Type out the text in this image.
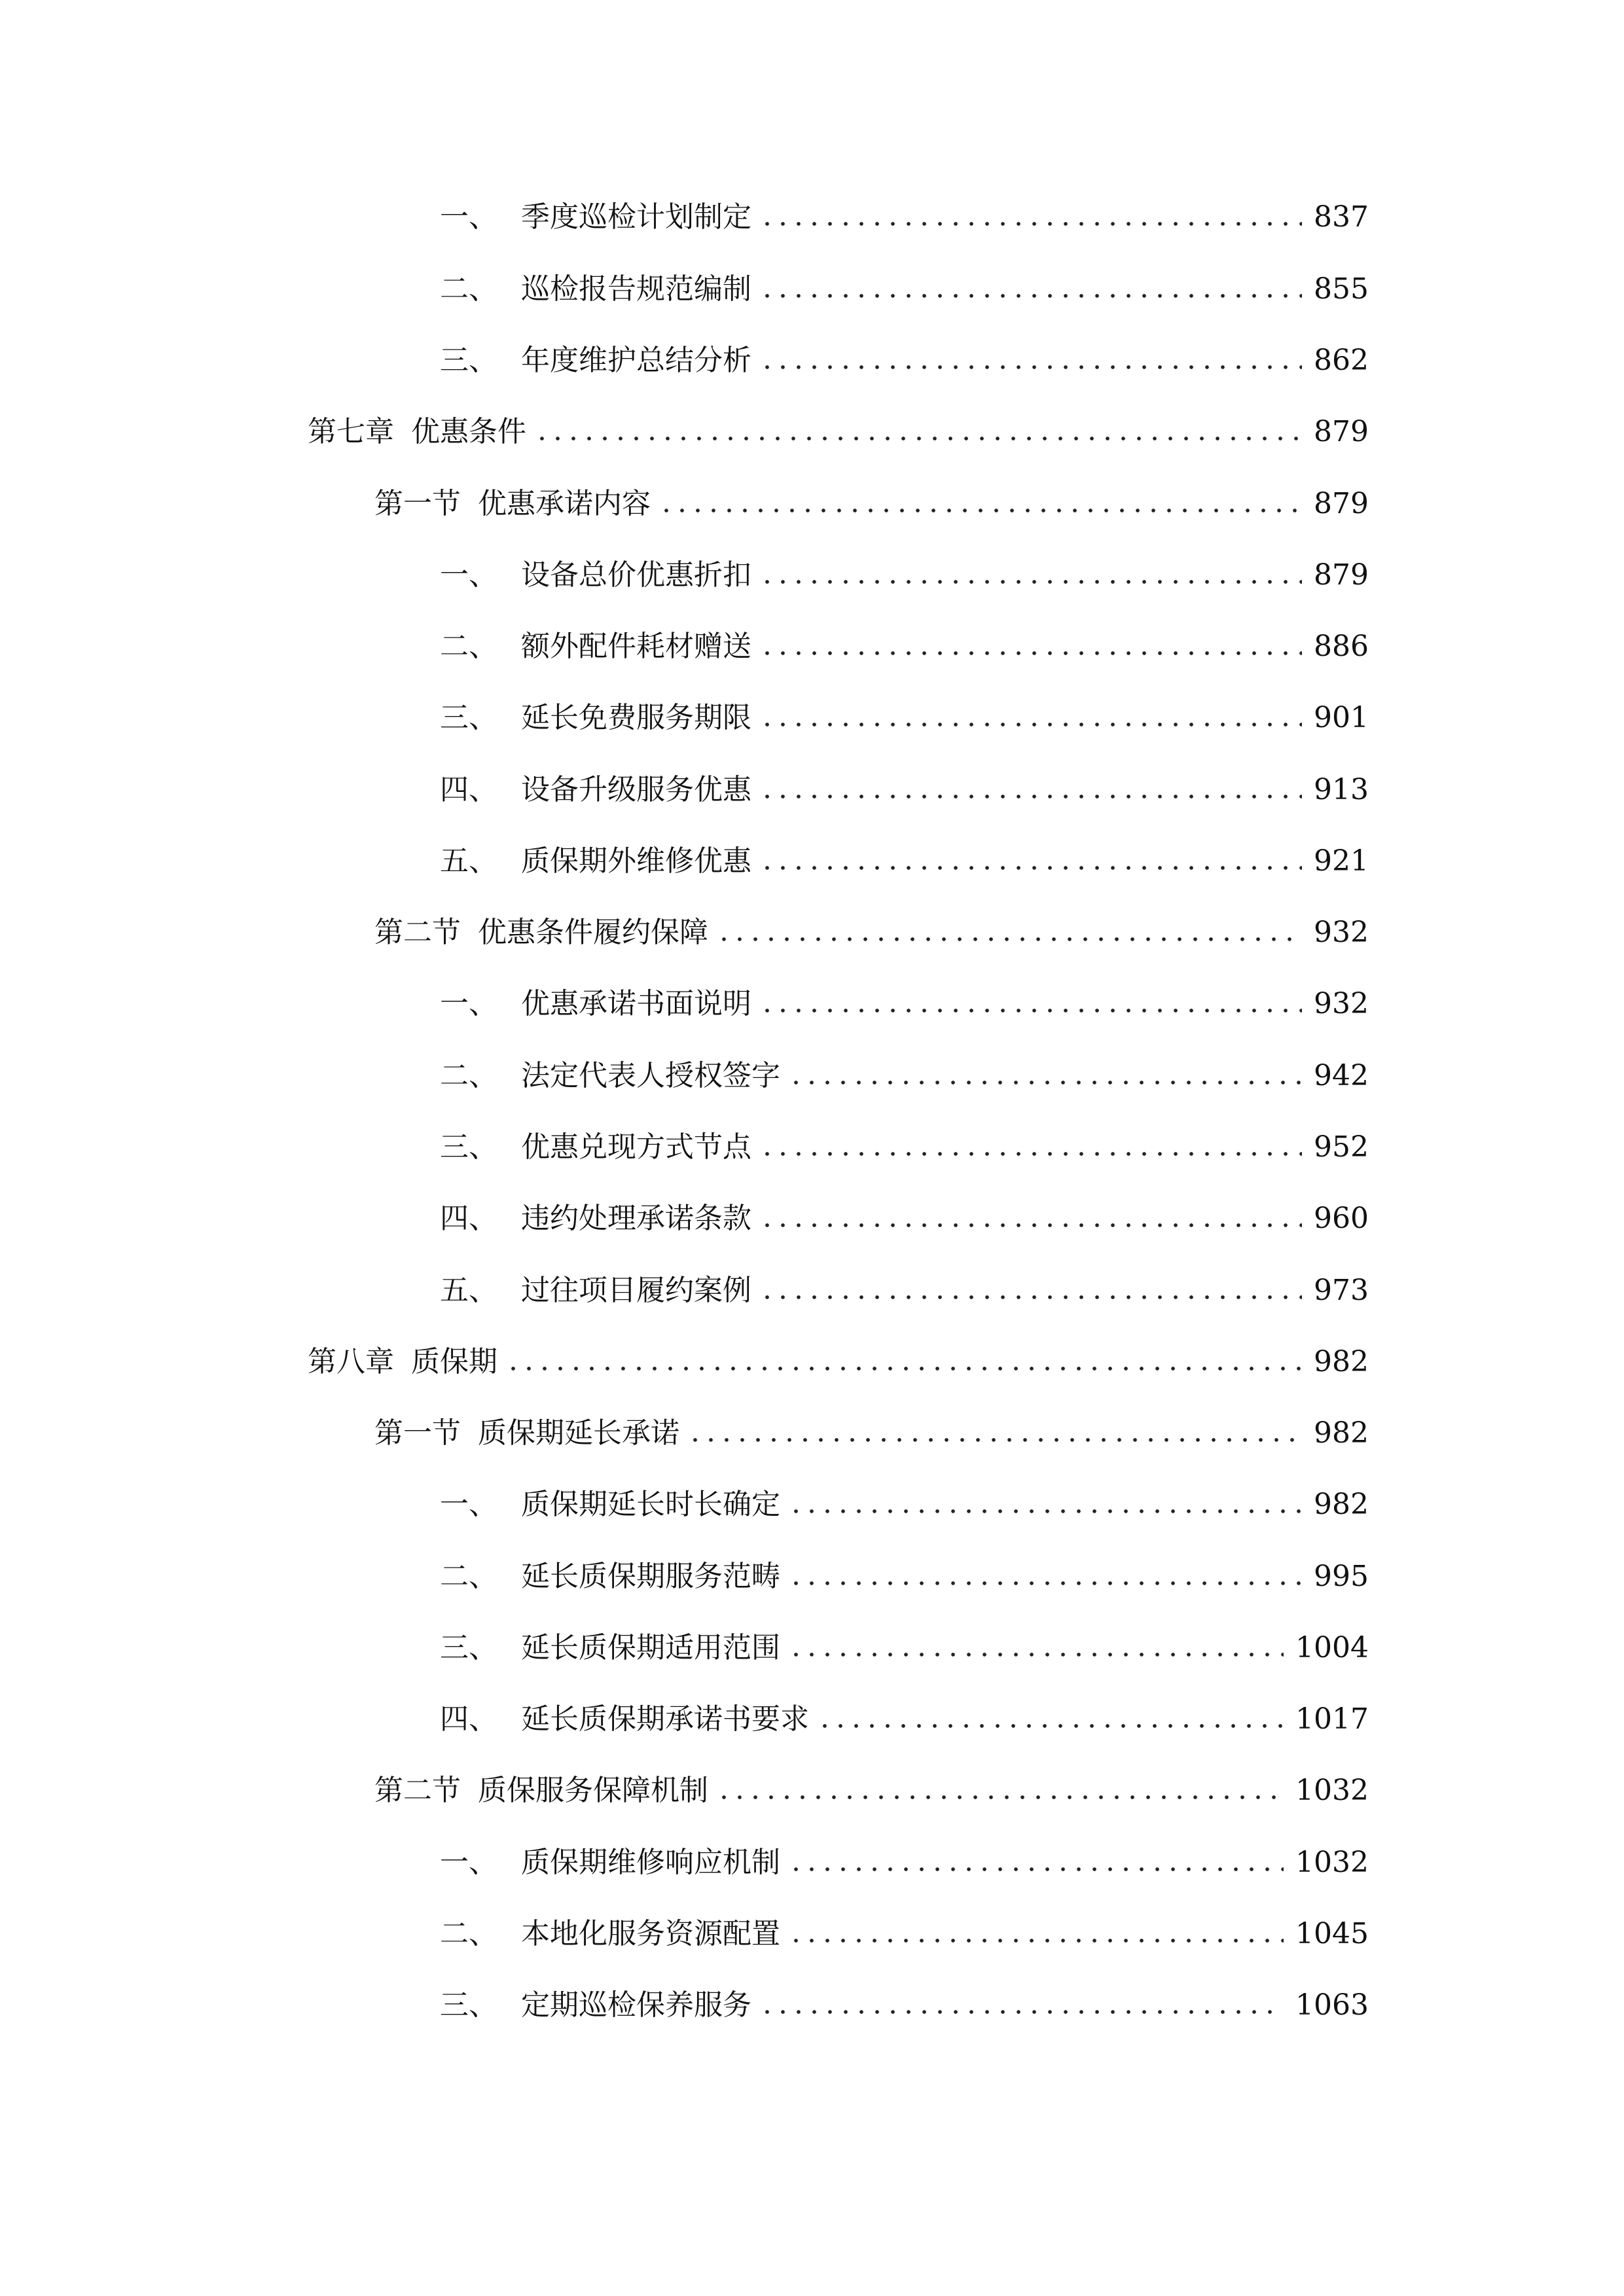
一、 季度巡检计划制定	837
二、 巡检报告规范编制	855
三、 年度维护总结分析	862
第七章 优惠条件	879
第一节 优惠承诺内容	879
一、 设备总价优惠折扣	879
二、 额外配件耗材赠送	886
三、 延长免费服务期限	901
四、 设备升级服务优惠	913
五、 质保期外维修优惠	921
第二节 优惠条件履约保障	932
一、 优惠承诺书面说明	932
二、 法定代表人授权签字	942
三、 优惠兑现方式节点	952
四、 违约处理承诺条款	960
五、 过往项目履约案例	973
第八章 质保期	982
第一节 质保期延长承诺	982
一、 质保期延长时长确定	982
二、 延长质保期服务范畴	995
三、 延长质保期适用范围	1004
四、 延长质保期承诺书要求	1017
第二节 质保服务保障机制	1032
一、 质保期维修响应机制	1032
二、 本地化服务资源配置	1045
三、 定期巡检保养服务	1063
